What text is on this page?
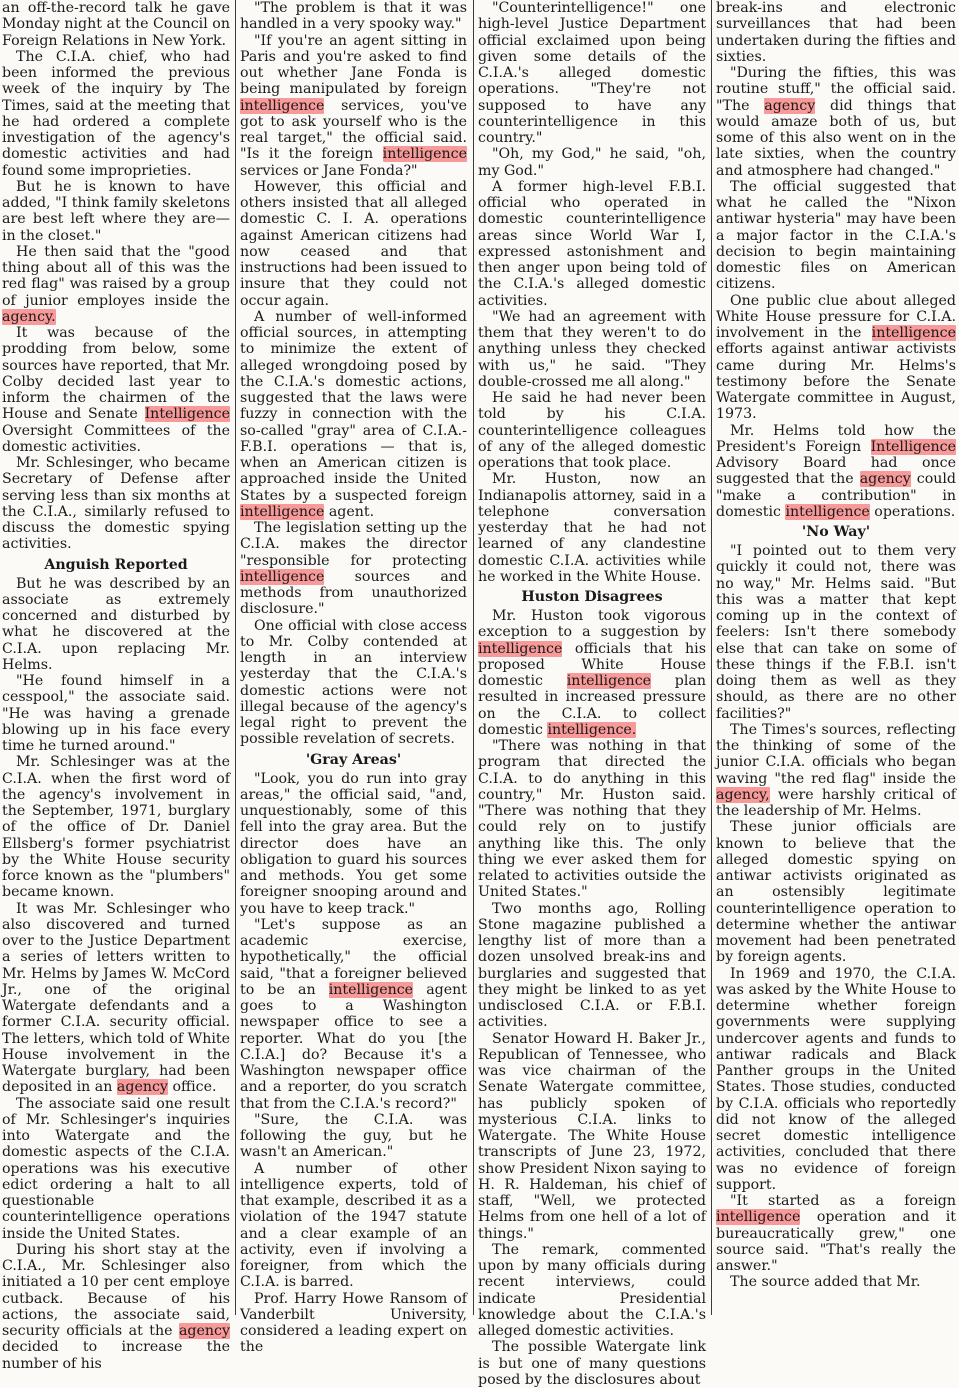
an off-the-record talk he gave Monday night at the Council on Foreign Relations in New York.

The C.I.A. chief, who had been informed the previous week of the inquiry by The Times, said at the meeting that he had ordered a complete investigation of the agency's domestic activities and had found some improprieties.

But he is known to have added, "I think family skeletons are best left where they are—in the closet."

He then said that the "good thing about all of this was the red flag" was raised by a group of junior employes inside the agency.

It was because of the prodding from below, some sources have reported, that Mr. Colby decided last year to inform the chairmen of the House and Senate Intelligence Oversight Committees of the domestic activities.

Mr. Schlesinger, who became Secretary of Defense after serving less than six months at the C.I.A., similarly refused to discuss the domestic spying activities.

Anguish Reported

But he was described by an associate as extremely concerned and disturbed by what he discovered at the C.I.A. upon replacing Mr. Helms.

"He found himself in a cesspool," the associate said. "He was having a grenade blowing up in his face every time he turned around."

Mr. Schlesinger was at the C.I.A. when the first word of the agency's involvement in the September, 1971, burglary of the office of Dr. Daniel Ellsberg's former psychiatrist by the White House security force known as the "plumbers" became known.

It was Mr. Schlesinger who also discovered and turned over to the Justice Department a series of letters written to Mr. Helms by James W. McCord Jr., one of the original Watergate defendants and a former C.I.A. security official. The letters, which told of White House involvement in the Watergate burglary, had been deposited in an agency office.

The associate said one result of Mr. Schlesinger's inquiries into Watergate and the domestic aspects of the C.I.A. operations was his executive edict ordering a halt to all questionable counterintelligence operations inside the United States.

During his short stay at the C.I.A., Mr. Schlesinger also initiated a 10 per cent employe cutback. Because of his actions, the associate said, security officials at the agency decided to increase the number of his

"The problem is that it was handled in a very spooky way."

"If you're an agent sitting in Paris and you're asked to find out whether Jane Fonda is being manipulated by foreign intelligence services, you've got to ask yourself who is the real target," the official said. "Is it the foreign intelligence services or Jane Fonda?"

However, this official and others insisted that all alleged domestic C. I. A. operations against American citizens had now ceased and that instructions had been issued to insure that they could not occur again.

A number of well-informed official sources, in attempting to minimize the extent of alleged wrongdoing posed by the C.I.A.'s domestic actions, suggested that the laws were fuzzy in connection with the so-called "gray" area of C.I.A.-F.B.I. operations — that is, when an American citizen is approached inside the United States by a suspected foreign intelligence agent.

The legislation setting up the C.I.A. makes the director "responsible for protecting intelligence sources and methods from unauthorized disclosure."

One official with close access to Mr. Colby contended at length in an interview yesterday that the C.I.A.'s domestic actions were not illegal because of the agency's legal right to prevent the possible revelation of secrets.

'Gray Areas'

"Look, you do run into gray areas," the official said, "and, unquestionably, some of this fell into the gray area. But the director does have an obligation to guard his sources and methods. You get some foreigner snooping around and you have to keep track."

"Let's suppose as an academic exercise, hypothetically," the official said, "that a foreigner believed to be an intelligence agent goes to a Washington newspaper office to see a reporter. What do you [the C.I.A.] do? Because it's a Washington newspaper office and a reporter, do you scratch that from the C.I.A.'s record?"

"Sure, the C.I.A. was following the guy, but he wasn't an American."

A number of other intelligence experts, told of that example, described it as a violation of the 1947 statute and a clear example of an activity, even if involving a foreigner, from which the C.I.A. is barred.

Prof. Harry Howe Ransom of Vanderbilt University, considered a leading expert on the

"Counterintelligence!" one high-level Justice Department official exclaimed upon being given some details of the C.I.A.'s alleged domestic operations. "They're not supposed to have any counterintelligence in this country."

"Oh, my God," he said, "oh, my God."

A former high-level F.B.I. official who operated in domestic counterintelligence areas since World War I, expressed astonishment and then anger upon being told of the C.I.A.'s alleged domestic activities.

"We had an agreement with them that they weren't to do anything unless they checked with us," he said. "They double-crossed me all along."

He said he had never been told by his C.I.A. counterintelligence colleagues of any of the alleged domestic operations that took place.

Mr. Huston, now an Indianapolis attorney, said in a telephone conversation yesterday that he had not learned of any clandestine domestic C.I.A. activities while he worked in the White House.

Huston Disagrees

Mr. Huston took vigorous exception to a suggestion by intelligence officials that his proposed White House domestic intelligence plan resulted in increased pressure on the C.I.A. to collect domestic intelligence.

"There was nothing in that program that directed the C.I.A. to do anything in this country," Mr. Huston said. "There was nothing that they could rely on to justify anything like this. The only thing we ever asked them for related to activities outside the United States."

Two months ago, Rolling Stone magazine published a lengthy list of more than a dozen unsolved break-ins and burglaries and suggested that they might be linked to as yet undisclosed C.I.A. or F.B.I. activities.

Senator Howard H. Baker Jr., Republican of Tennessee, who was vice chairman of the Senate Watergate committee, has publicly spoken of mysterious C.I.A. links to Watergate. The White House transcripts of June 23, 1972, show President Nixon saying to H. R. Haldeman, his chief of staff, "Well, we protected Helms from one hell of a lot of things."

The remark, commented upon by many officials during recent interviews, could indicate Presidential knowledge about the C.I.A.'s alleged domestic activities.

The possible Watergate link is but one of many questions posed by the disclosures about

break-ins and electronic surveillances that had been undertaken during the fifties and sixties.

"During the fifties, this was routine stuff," the official said. "The agency did things that would amaze both of us, but some of this also went on in the late sixties, when the country and atmosphere had changed."

The official suggested that what he called the "Nixon antiwar hysteria" may have been a major factor in the C.I.A.'s decision to begin maintaining domestic files on American citizens.

One public clue about alleged White House pressure for C.I.A. involvement in the intelligence efforts against antiwar activists came during Mr. Helms's testimony before the Senate Watergate committee in August, 1973.

Mr. Helms told how the President's Foreign Intelligence Advisory Board had once suggested that the agency could "make a contribution" in domestic intelligence operations.

'No Way'

"I pointed out to them very quickly it could not, there was no way," Mr. Helms said. "But this was a matter that kept coming up in the context of feelers: Isn't there somebody else that can take on some of these things if the F.B.I. isn't doing them as well as they should, as there are no other facilities?"

The Times's sources, reflecting the thinking of some of the junior C.I.A. officials who began waving "the red flag" inside the agency, were harshly critical of the leadership of Mr. Helms.

These junior officials are known to believe that the alleged domestic spying on antiwar activists originated as an ostensibly legitimate counterintelligence operation to determine whether the antiwar movement had been penetrated by foreign agents.

In 1969 and 1970, the C.I.A. was asked by the White House to determine whether foreign governments were supplying undercover agents and funds to antiwar radicals and Black Panther groups in the United States. Those studies, conducted by C.I.A. officials who reportedly did not know of the alleged secret domestic intelligence activities, concluded that there was no evidence of foreign support.

"It started as a foreign intelligence operation and it bureaucratically grew," one source said. "That's really the answer."

The source added that Mr.
